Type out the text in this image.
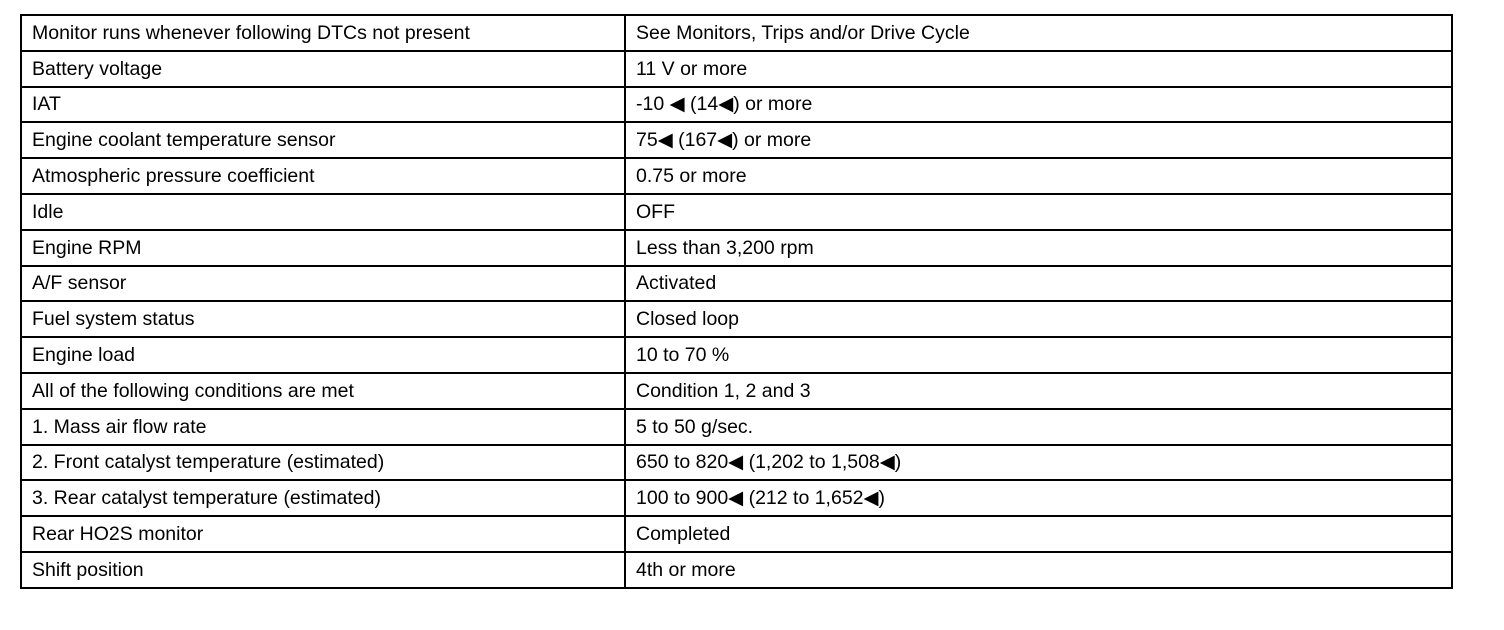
Monitor runs whenever following DTCs not present	See Monitors, Trips and/or Drive Cycle
Battery voltage	11 V or more
IAT	-10 ◀ (14◀) or more
Engine coolant temperature sensor	75◀ (167◀) or more
Atmospheric pressure coefficient	0.75 or more
Idle	OFF
Engine RPM	Less than 3,200 rpm
A/F sensor	Activated
Fuel system status	Closed loop
Engine load	10 to 70 %
All of the following conditions are met	Condition 1, 2 and 3
1. Mass air flow rate	5 to 50 g/sec.
2. Front catalyst temperature (estimated)	650 to 820◀ (1,202 to 1,508◀)
3. Rear catalyst temperature (estimated)	100 to 900◀ (212 to 1,652◀)
Rear HO2S monitor	Completed
Shift position	4th or more
